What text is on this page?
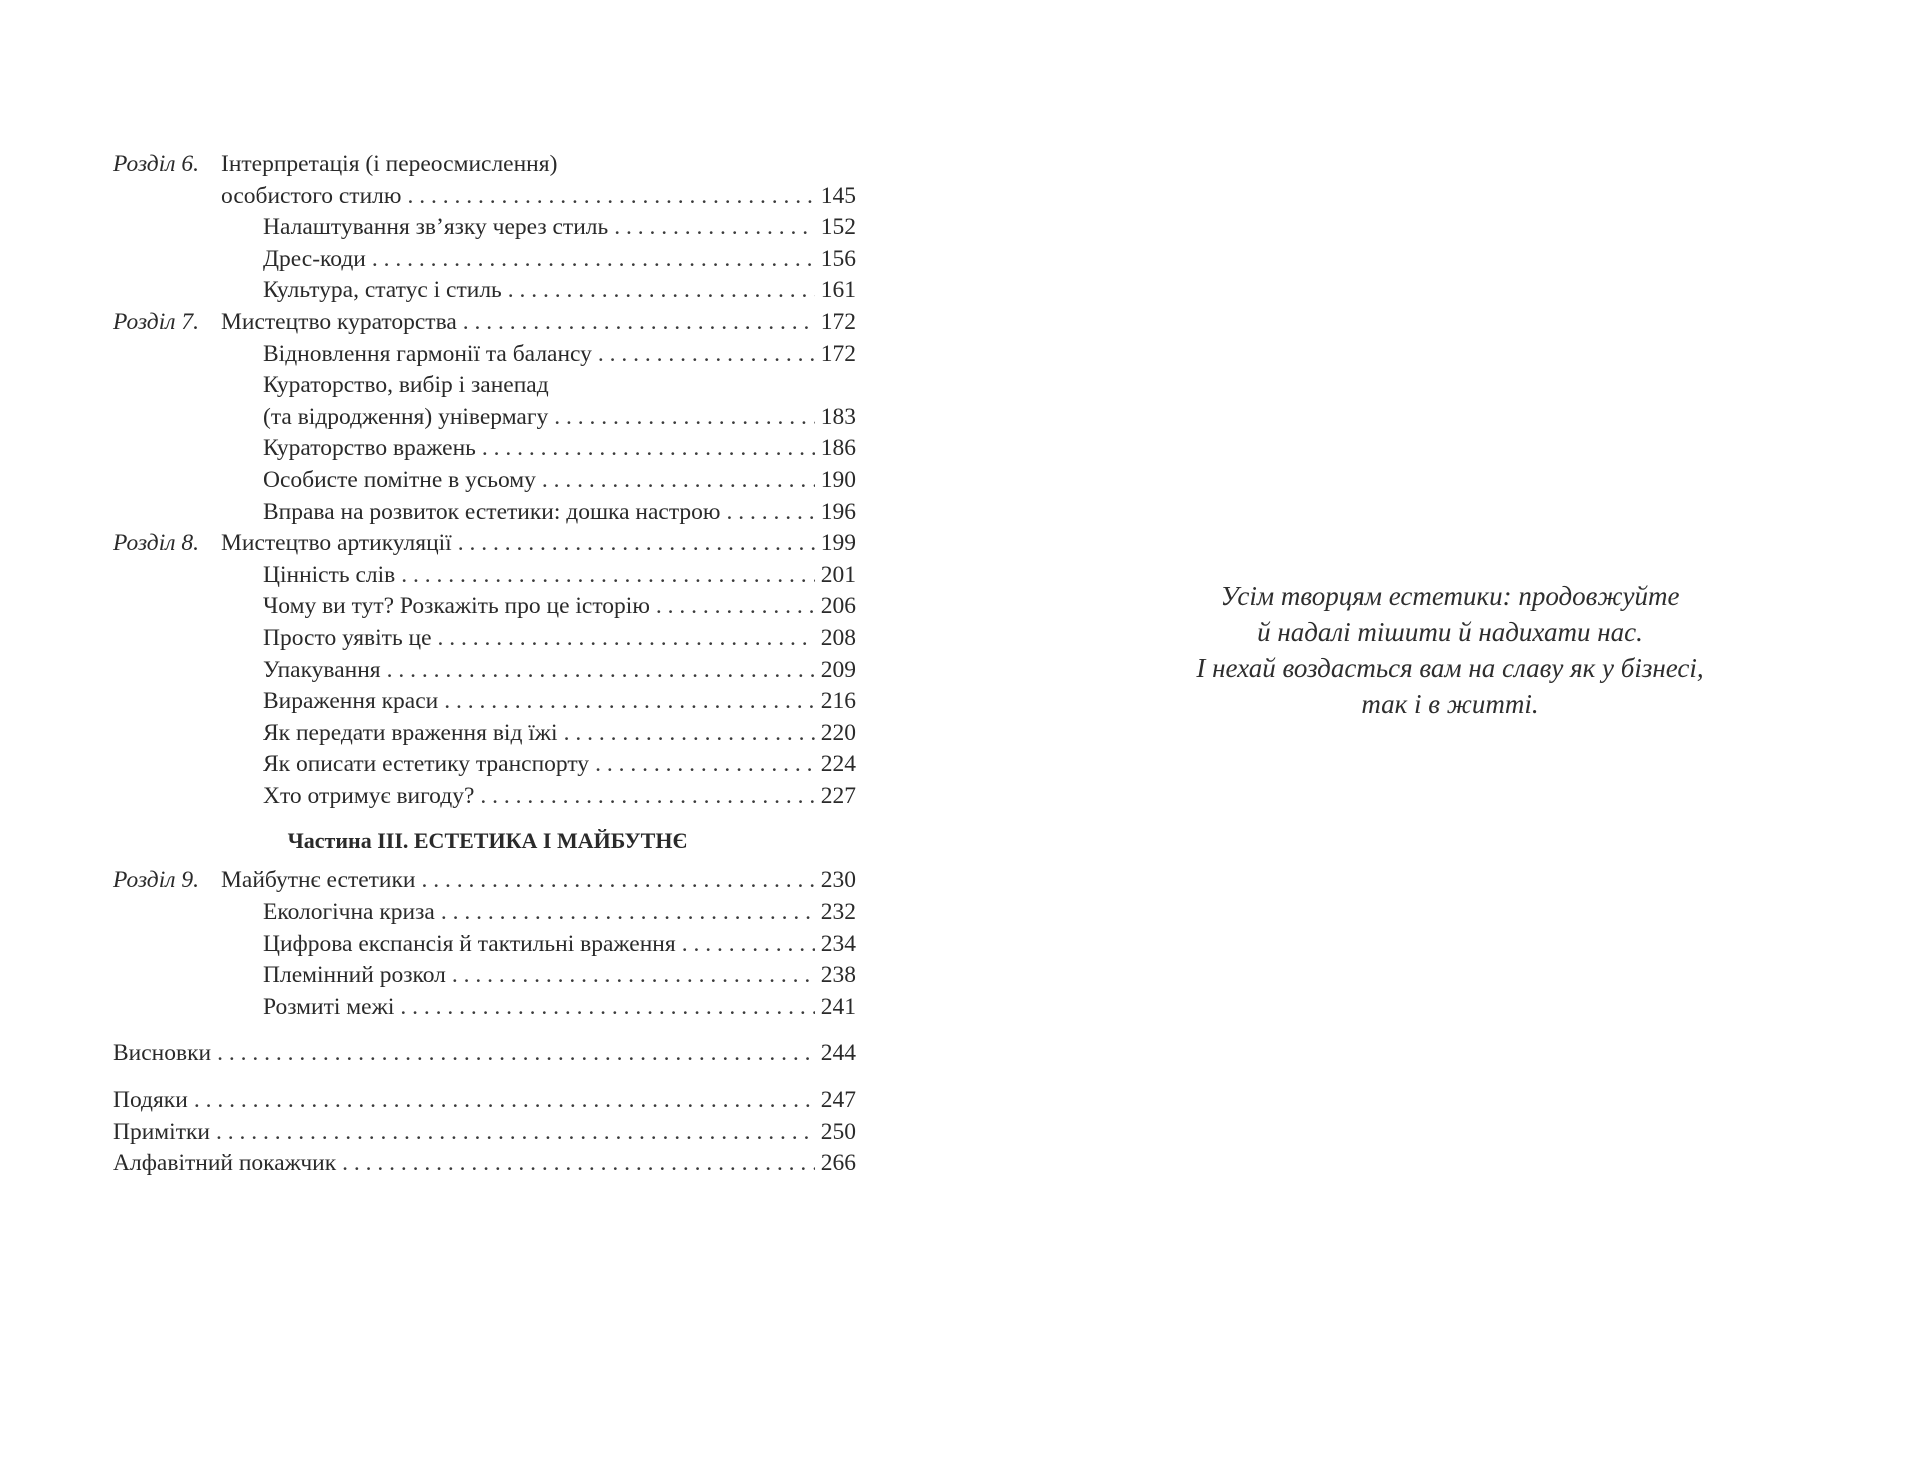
Розділ 6. Інтерпретація (і переосмислення)
особистого стилю . . .	145
Налаштування зв’язку через стиль . . .	152
Дрес-коди . . .	156
Культура, статус і стиль . . .	161
Розділ 7. Мистецтво кураторства . . .	172
Відновлення гармонії та балансу . . .	172
Кураторство, вибір і занепад
(та відродження) універмагу . . .	183
Кураторство вражень . . .	186
Особисте помітне в усьому . . .	190
Вправа на розвиток естетики: дошка настрою . . .	196
Розділ 8. Мистецтво артикуляції . . .	199
Цінність слів . . .	201
Чому ви тут? Розкажіть про це історію . . .	206
Просто уявіть це . . .	208
Упакування . . .	209
Вираження краси . . .	216
Як передати враження від їжі . . .	220
Як описати естетику транспорту . . .	224
Хто отримує вигоду? . . .	227
Частина ІІІ. ЕСТЕТИКА І МАЙБУТНЄ
Розділ 9. Майбутнє естетики . . .	230
Екологічна криза . . .	232
Цифрова експансія й тактильні враження . . .	234
Племінний розкол . . .	238
Розмиті межі . . .	241
Висновки . . .	244
Подяки . . .	247
Примітки . . .	250
Алфавітний покажчик . . .	266
Усім творцям естетики: продовжуйте
й надалі тішити й надихати нас.
І нехай воздасться вам на славу як у бізнесі,
так і в житті.
